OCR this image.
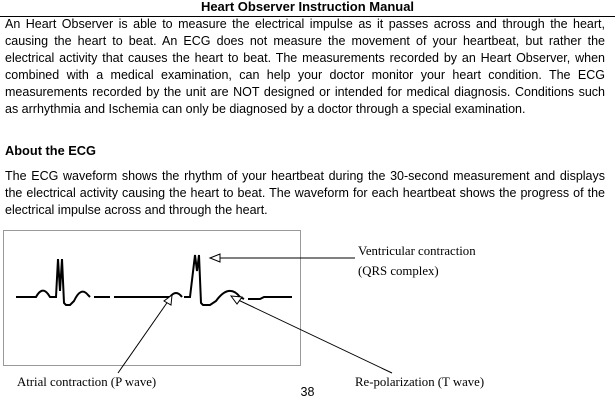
Heart Observer Instruction Manual

An Heart Observer is able to measure the electrical impulse as it passes across and through the heart, causing the heart to beat. An ECG does not measure the movement of your heartbeat, but rather the electrical activity that causes the heart to beat. The measurements recorded by an Heart Observer, when combined with a medical examination, can help your doctor monitor your heart condition. The ECG measurements recorded by the unit are NOT designed or intended for medical diagnosis. Conditions such as arrhythmia and Ischemia can only be diagnosed by a doctor through a special examination.

About the ECG

The ECG waveform shows the rhythm of your heartbeat during the 30-second measurement and displays the electrical activity causing the heart to beat. The waveform for each heartbeat shows the progress of the electrical impulse across and through the heart.

Ventricular contraction
(QRS complex)
Atrial contraction (P wave)	Re-polarization (T wave)
38
